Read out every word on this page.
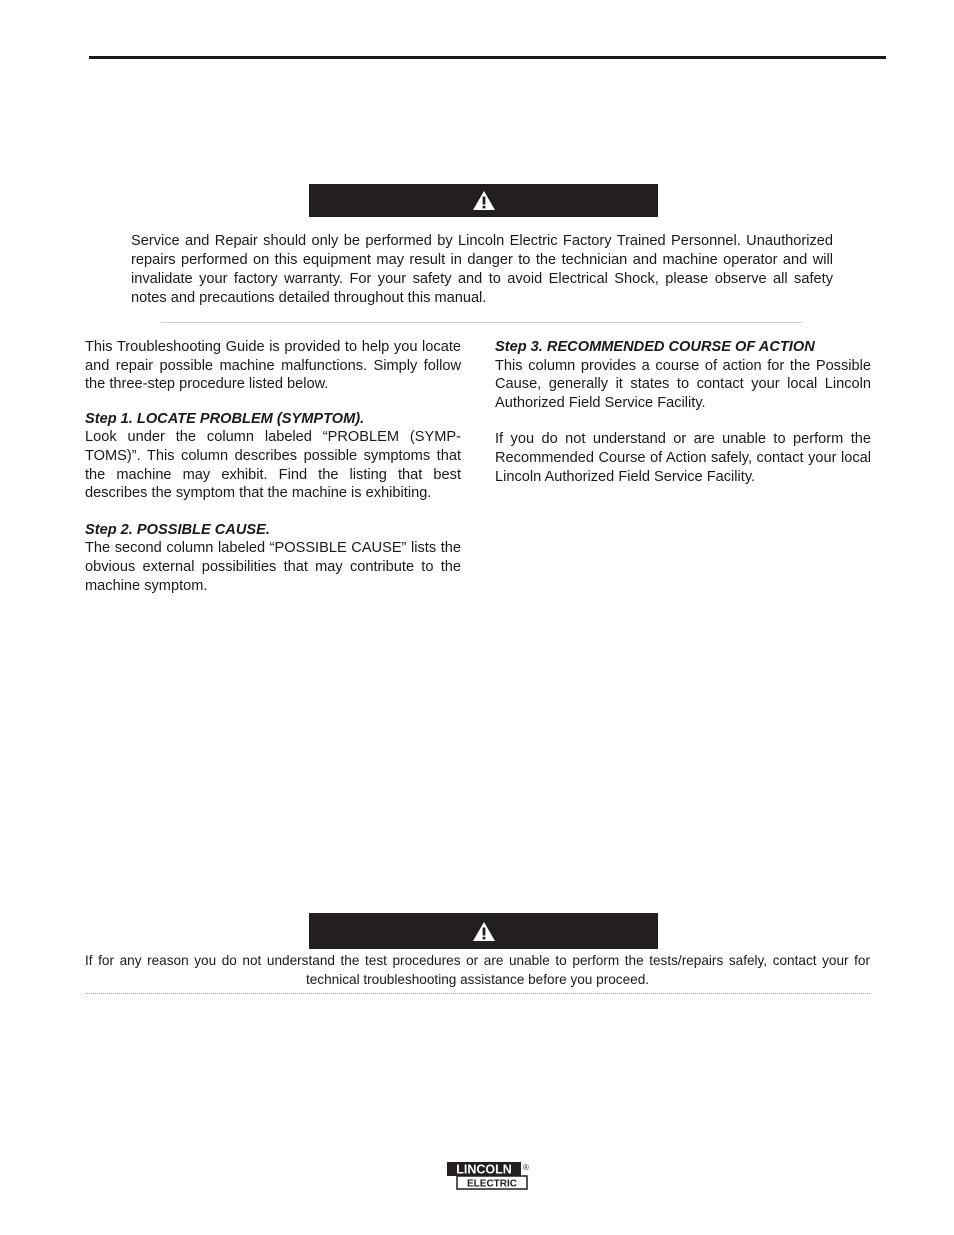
Service and Repair should only be performed by Lincoln Electric Factory Trained Personnel. Unauthorized repairs performed on this equipment may result in danger to the technician and machine operator and will invalidate your factory warranty. For your safety and to avoid Electrical Shock, please observe all safety notes and precautions detailed throughout this manual.

This Troubleshooting Guide is provided to help you locate and repair possible machine malfunctions. Simply follow the three-step procedure listed below.

Step 1. LOCATE PROBLEM (SYMPTOM).

Look under the column labeled “PROBLEM (SYMP-TOMS)”. This column describes possible symptoms that the machine may exhibit. Find the listing that best describes the symptom that the machine is exhibiting.

Step 2. POSSIBLE CAUSE.

The second column labeled “POSSIBLE CAUSE” lists the obvious external possibilities that may contribute to the machine symptom.

Step 3. RECOMMENDED COURSE OF ACTION

This column provides a course of action for the Possible Cause, generally it states to contact your local Lincoln Authorized Field Service Facility.

If you do not understand or are unable to perform the Recommended Course of Action safely, contact your local Lincoln Authorized Field Service Facility.

If for any reason you do not understand the test procedures or are unable to perform the tests/repairs safely, contact your for technical troubleshooting assistance before you proceed.
LINCOLN
ELECTRIC
®
